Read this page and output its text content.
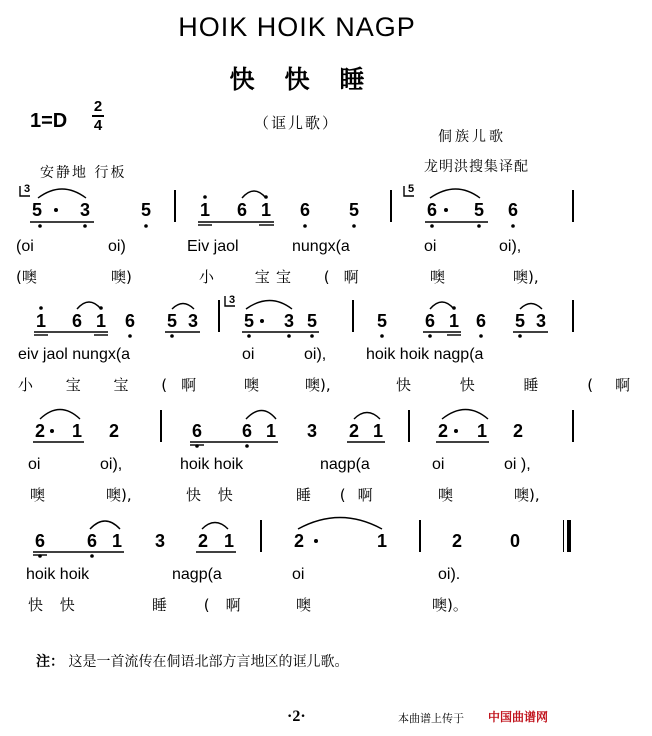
HOIK HOIK NAGP
快快睡
1=D
2
4	（诓儿歌）
侗族儿歌
龙明洪搜集译配
安静地 行板
3
5 3	5	1 6 1 6 5
5
6 5 6
(oi	oi)	Eiv jaol	nungx(a	oi	oi),
(噢	噢)	小 宝
宝 (啊	噢	噢),
1 6 1 6 5 3
3
5 3 5	5 6 1 6 5 3
eiv jaol nungx(a	oi	oi), hoik hoik nagp(a
小 宝 宝 (啊 噢	噢),	快 快 睡 (啊
2 1 2	6 6 1 3 2 1	2 1 2
oi	oi),	hoik hoik	nagp(a	oi	oi ),
噢	噢),	快 快	睡 (啊	噢	噢),
6 6 1 3 2 1	2	1	2	0
hoik hoik	nagp(a	oi	oi).
快 快	睡 (啊	噢	噢)。
注： 这是一首流传在侗语北部方言地区的诓儿歌。
·2·	本曲谱上传于 中国曲谱网
